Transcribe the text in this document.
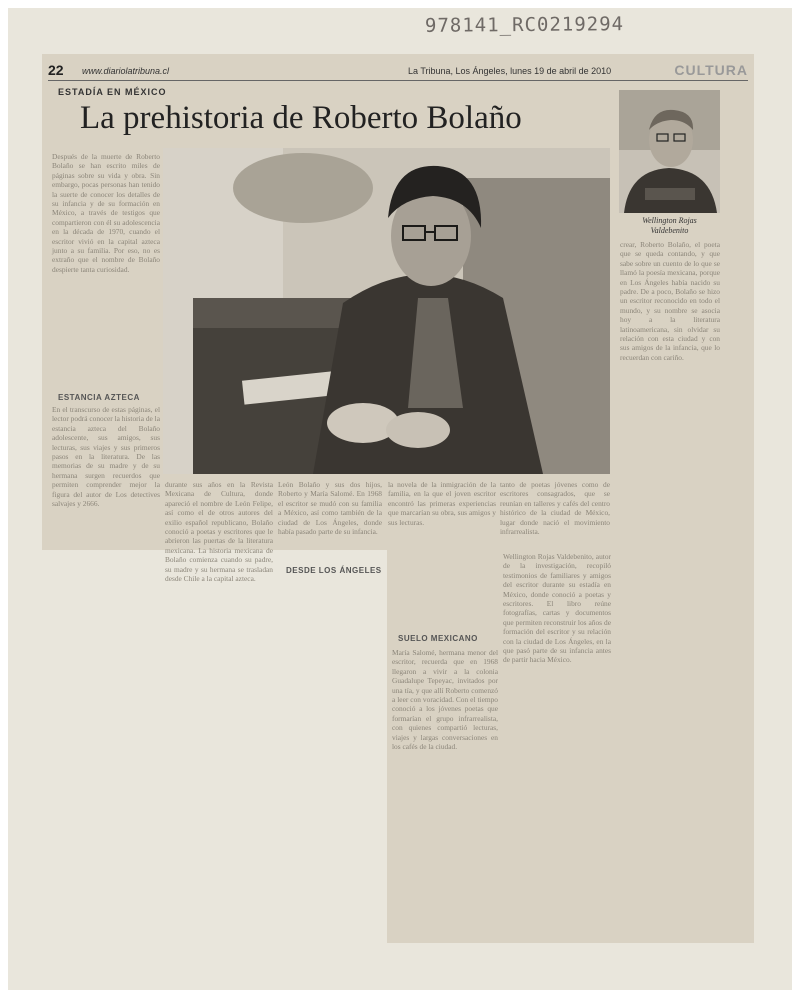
978141_RC0219294
22 www.diariolatribuna.cl	La Tribuna, Los Ángeles, lunes 19 de abril de 2010	CULTURA
ESTADÍA EN MÉXICO
La prehistoria de Roberto Bolaño
Wellington Rojas
Valdebenito
Después de la muerte de Roberto Bolaño se han escrito miles de páginas sobre su vida y obra. Sin embargo, pocas personas han tenido la suerte de conocer los detalles de su infancia y de su formación en México, a través de testigos que compartieron con él su adolescencia en la década de 1970, cuando el escritor vivió en la capital azteca junto a su familia. Por eso, no es extraño que el nombre de Bolaño despierte tanta curiosidad.
ESTANCIA AZTECA
En el transcurso de estas páginas, el lector podrá conocer la historia de la estancia azteca del Bolaño adolescente, sus amigos, sus lecturas, sus viajes y sus primeros pasos en la literatura. De las memorias de su madre y de su hermana surgen recuerdos que permiten comprender mejor la figura del autor de Los detectives salvajes y 2666.
durante sus años en la Revista Mexicana de Cultura, donde apareció el nombre de León Felipe, así como el de otros autores del exilio español republicano, Bolaño conoció a poetas y escritores que le abrieron las puertas de la literatura mexicana. La historia mexicana de Bolaño comienza cuando su padre, su madre y su hermana se trasladan desde Chile a la capital azteca.
León Bolaño y sus dos hijos, Roberto y María Salomé. En 1968 el escritor se mudó con su familia a México, así como también de la ciudad de Los Ángeles, donde había pasado parte de su infancia.
DESDE LOS ÁNGELES
la novela de la inmigración de la familia, en la que el joven escritor encontró las primeras experiencias que marcarían su obra, sus amigos y sus lecturas.
tanto de poetas jóvenes como de escritores consagrados, que se reunían en talleres y cafés del centro histórico de la ciudad de México, lugar donde nació el movimiento infrarrealista.
crear, Roberto Bolaño, el poeta que se queda contando, y que sabe sobre un cuento de lo que se llamó la poesía mexicana, porque en Los Ángeles había nacido su padre. De a poco, Bolaño se hizo un escritor reconocido en todo el mundo, y su nombre se asocia hoy a la literatura latinoamericana, sin olvidar su relación con esta ciudad y con sus amigos de la infancia, que lo recuerdan con cariño.
SUELO MEXICANO
María Salomé, hermana menor del escritor, recuerda que en 1968 llegaron a vivir a la colonia Guadalupe Tepeyac, invitados por una tía, y que allí Roberto comenzó a leer con voracidad. Con el tiempo conoció a los jóvenes poetas que formarían el grupo infrarrealista, con quienes compartió lecturas, viajes y largas conversaciones en los cafés de la ciudad.
Wellington Rojas Valdebenito, autor de la investigación, recopiló testimonios de familiares y amigos del escritor durante su estadía en México, donde conoció a poetas y escritores. El libro reúne fotografías, cartas y documentos que permiten reconstruir los años de formación del escritor y su relación con la ciudad de Los Ángeles, en la que pasó parte de su infancia antes de partir hacia México.
